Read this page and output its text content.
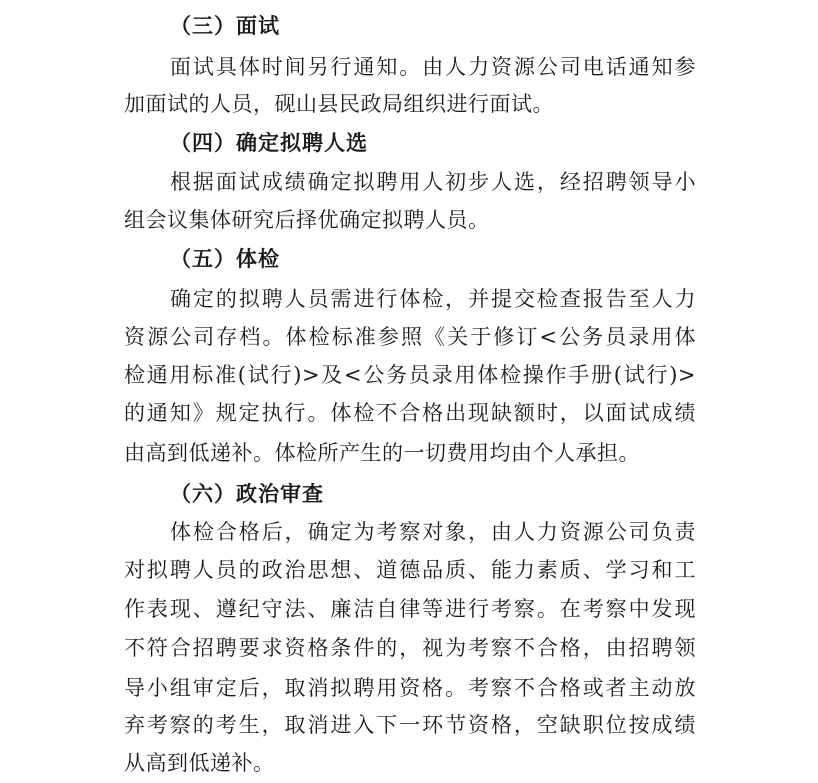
（三）面试
面试具体时间另行通知。由人力资源公司电话通知参
加面试的人员，砚山县民政局组织进行面试。
（四）确定拟聘人选
根据面试成绩确定拟聘用人初步人选，经招聘领导小
组会议集体研究后择优确定拟聘人员。
（五）体检
确定的拟聘人员需进行体检，并提交检查报告至人力
资源公司存档。体检标准参照《关于修订<公务员录用体
检通用标准(试行)>及<公务员录用体检操作手册(试行)>
的通知》规定执行。体检不合格出现缺额时，以面试成绩
由高到低递补。体检所产生的一切费用均由个人承担。
（六）政治审查
体检合格后，确定为考察对象，由人力资源公司负责
对拟聘人员的政治思想、道德品质、能力素质、学习和工
作表现、遵纪守法、廉洁自律等进行考察。在考察中发现
不符合招聘要求资格条件的，视为考察不合格，由招聘领
导小组审定后，取消拟聘用资格。考察不合格或者主动放
弃考察的考生，取消进入下一环节资格，空缺职位按成绩
从高到低递补。
